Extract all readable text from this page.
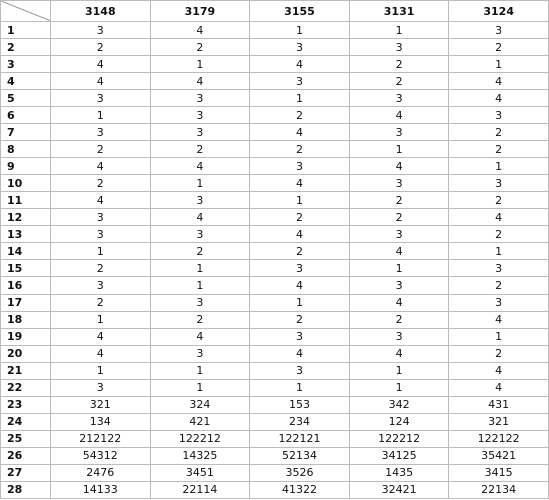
	3148	3179	3155	3131	3124
1	3	4	1	1	3
2	2	2	3	3	2
3	4	1	4	2	1
4	4	4	3	2	4
5	3	3	1	3	4
6	1	3	2	4	3
7	3	3	4	3	2
8	2	2	2	1	2
9	4	4	3	4	1
10	2	1	4	3	3
11	4	3	1	2	2
12	3	4	2	2	4
13	3	3	4	3	2
14	1	2	2	4	1
15	2	1	3	1	3
16	3	1	4	3	2
17	2	3	1	4	3
18	1	2	2	2	4
19	4	4	3	3	1
20	4	3	4	4	2
21	1	1	3	1	4
22	3	1	1	1	4
23	321	324	153	342	431
24	134	421	234	124	321
25	212122	122212	122121	122212	122122
26	54312	14325	52134	34125	35421
27	2476	3451	3526	1435	3415
28	14133	22114	41322	32421	22134
